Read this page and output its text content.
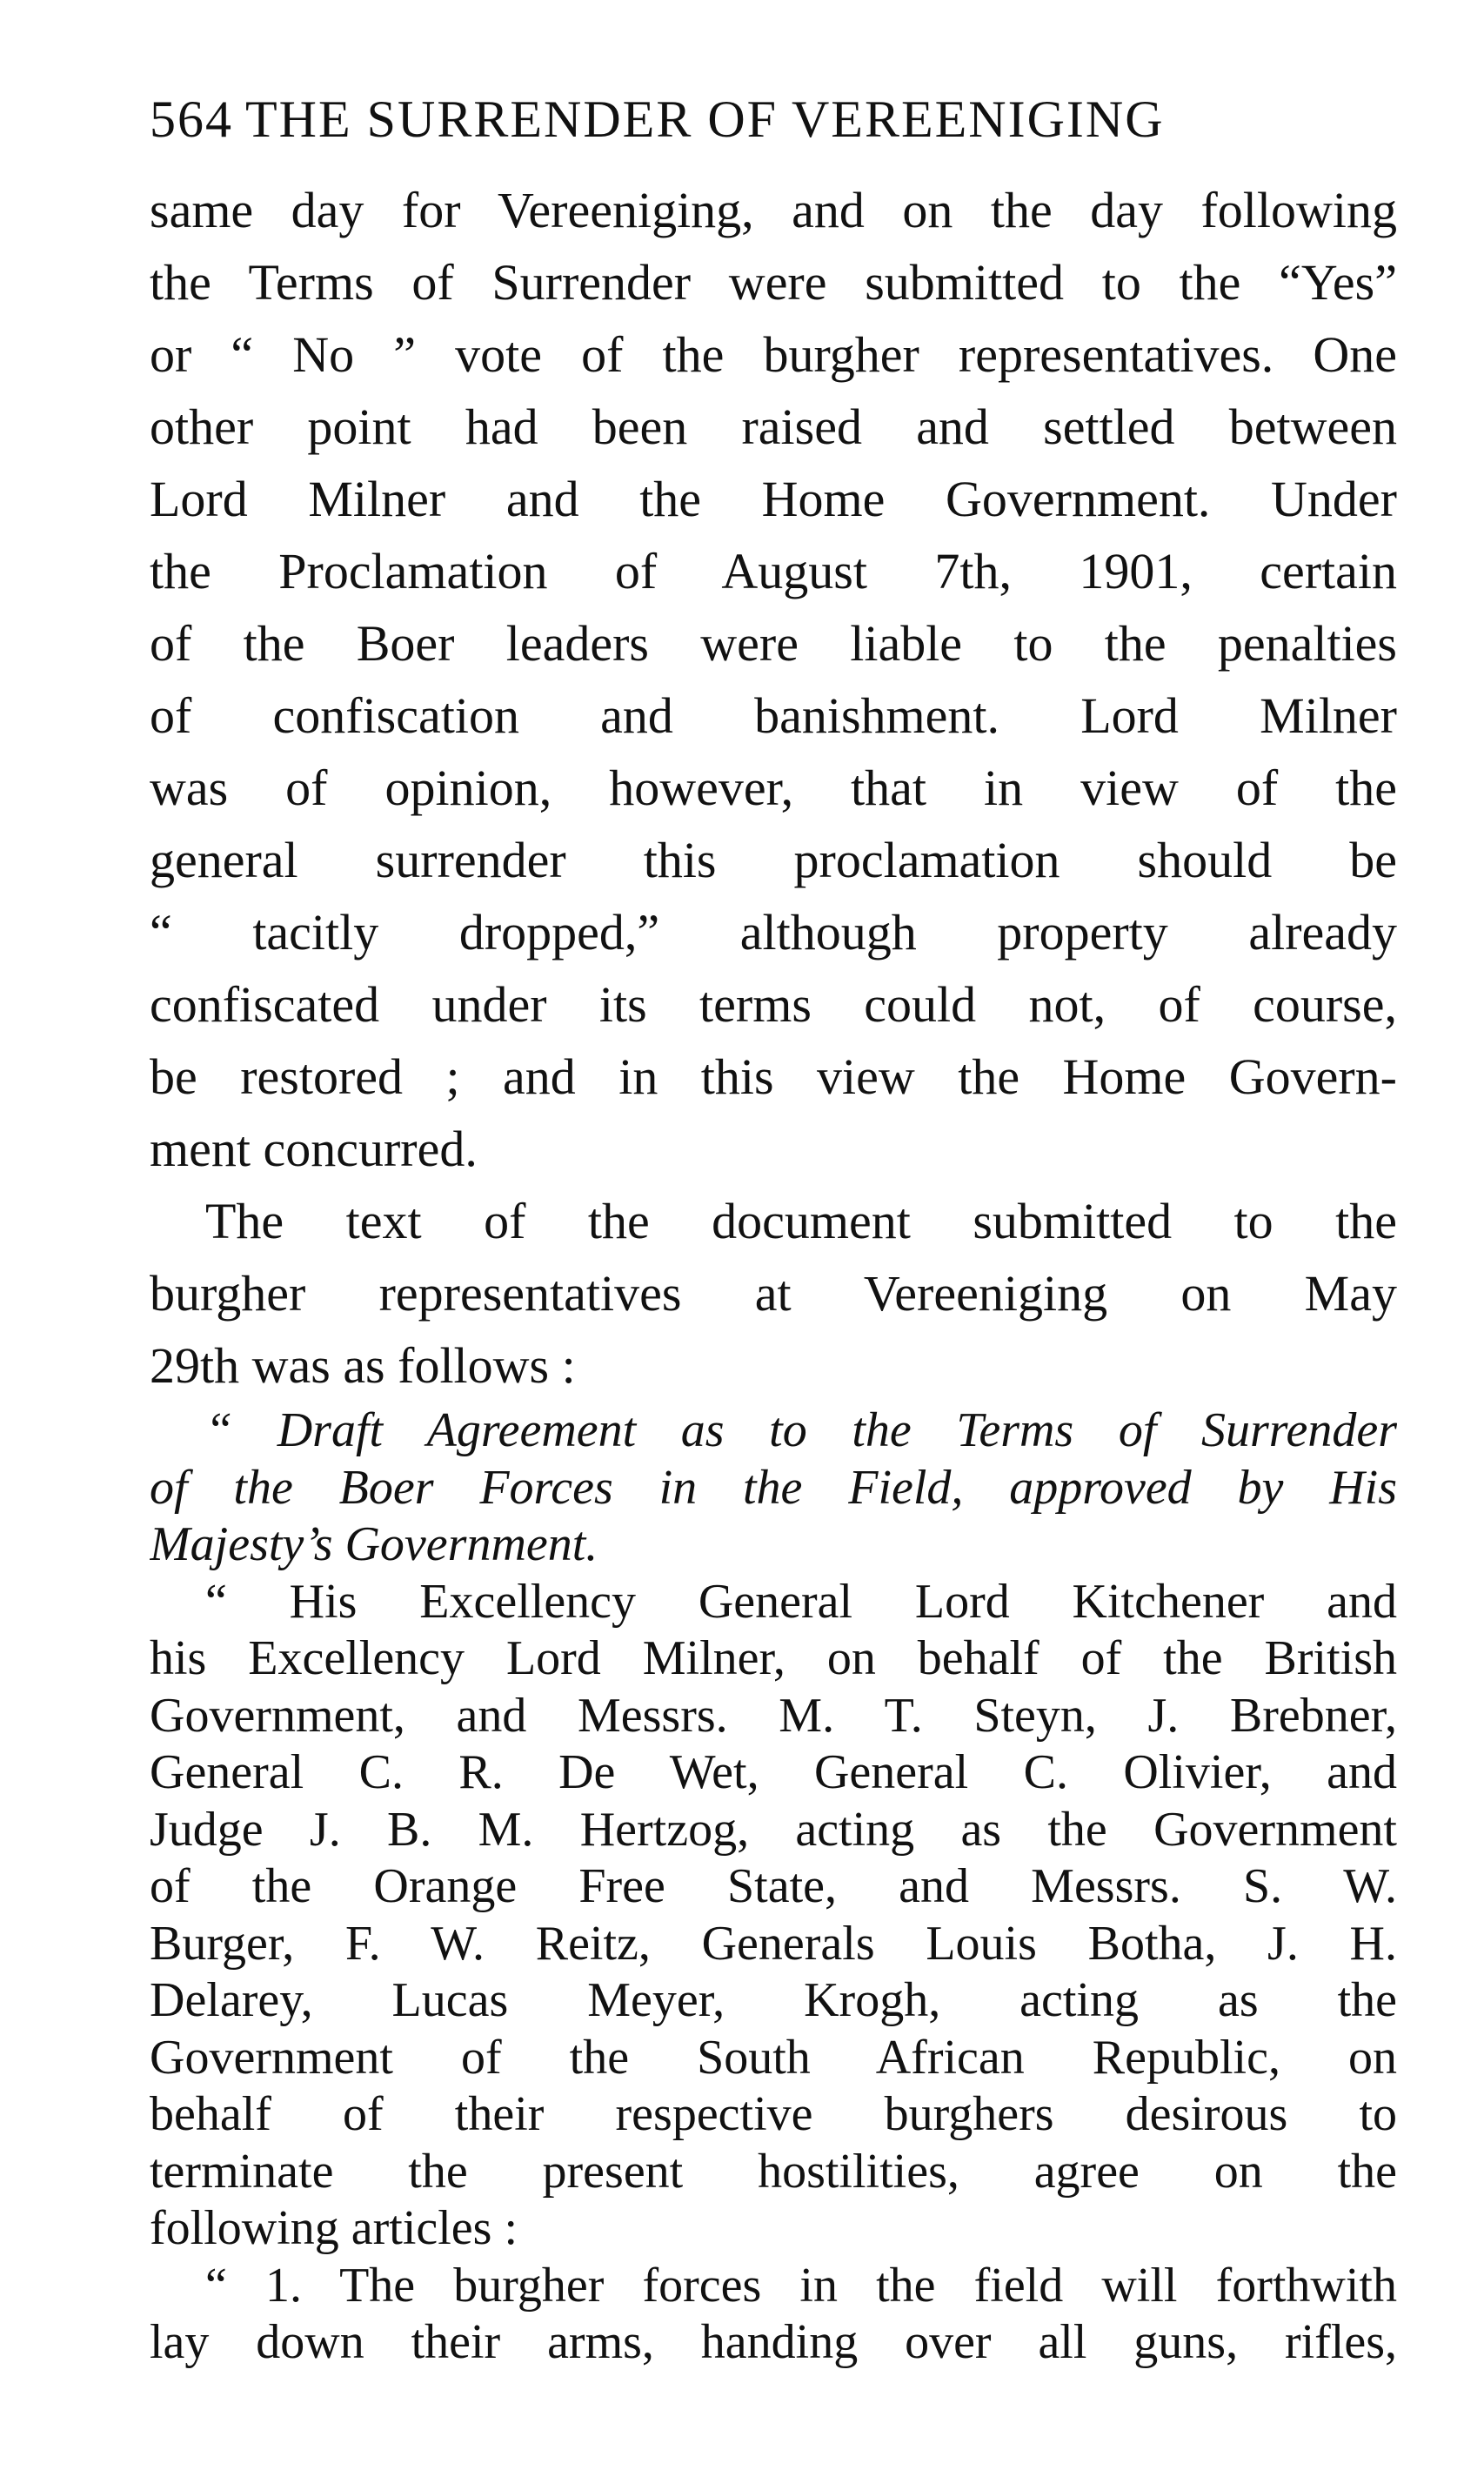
564 THE SURRENDER OF VEREENIGING
same day for Vereeniging, and on the day following
the Terms of Surrender were submitted to the “Yes”
or “ No ” vote of the burgher representatives. One
other point had been raised and settled between
Lord Milner and the Home Government. Under
the Proclamation of August 7th, 1901, certain
of the Boer leaders were liable to the penalties
of confiscation and banishment. Lord Milner
was of opinion, however, that in view of the
general surrender this proclamation should be
“ tacitly dropped,” although property already
confiscated under its terms could not, of course,
be restored ; and in this view the Home Govern-
ment concurred.
The text of the document submitted to the
burgher representatives at Vereeniging on May
29th was as follows :
“ Draft Agreement as to the Terms of Surrender
of the Boer Forces in the Field, approved by His
Majesty’s Government.
“ His Excellency General Lord Kitchener and
his Excellency Lord Milner, on behalf of the British
Government, and Messrs. M. T. Steyn, J. Brebner,
General C. R. De Wet, General C. Olivier, and
Judge J. B. M. Hertzog, acting as the Government
of the Orange Free State, and Messrs. S. W.
Burger, F. W. Reitz, Generals Louis Botha, J. H.
Delarey, Lucas Meyer, Krogh, acting as the
Government of the South African Republic, on
behalf of their respective burghers desirous to
terminate the present hostilities, agree on the
following articles :
“ 1. The burgher forces in the field will forthwith
lay down their arms, handing over all guns, rifles,
